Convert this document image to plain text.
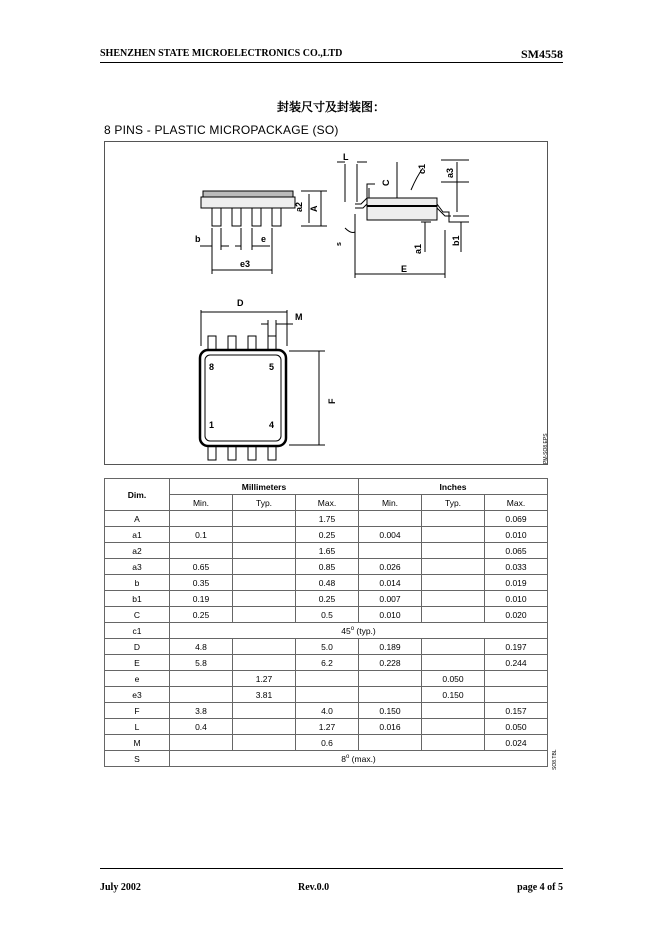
SHENZHEN STATE MICROELECTRONICS CO.,LTD	SM4558
封装尺寸及封装图：
8 PINS - PLASTIC MICROPACKAGE (SO)
a2 A
b	e
e3
L
C
c1 a3
a1
b1
s
E
D
M
F
8	5
1	4
PM-SO8.EPS
Dim.	Millimeters			Inches		
	Min.	Typ.	Max.	Min.	Typ.	Max.
A			1.75			0.069
a1	0.1		0.25	0.004		0.010
a2			1.65			0.065
a3	0.65		0.85	0.026		0.033
b	0.35		0.48	0.014		0.019
b1	0.19		0.25	0.007		0.010
C	0.25		0.5	0.010		0.020
c1	45$^o$ (typ.)					
D	4.8		5.0	0.189		0.197
E	5.8		6.2	0.228		0.244
e		1.27			0.050	
e3		3.81			0.150	
F	3.8		4.0	0.150		0.157
L	0.4		1.27	0.016		0.050
M			0.6			0.024
S	8$^o$ (max.)						SO8.TBL
July 2002	Rev.0.0	page 4 of 5
